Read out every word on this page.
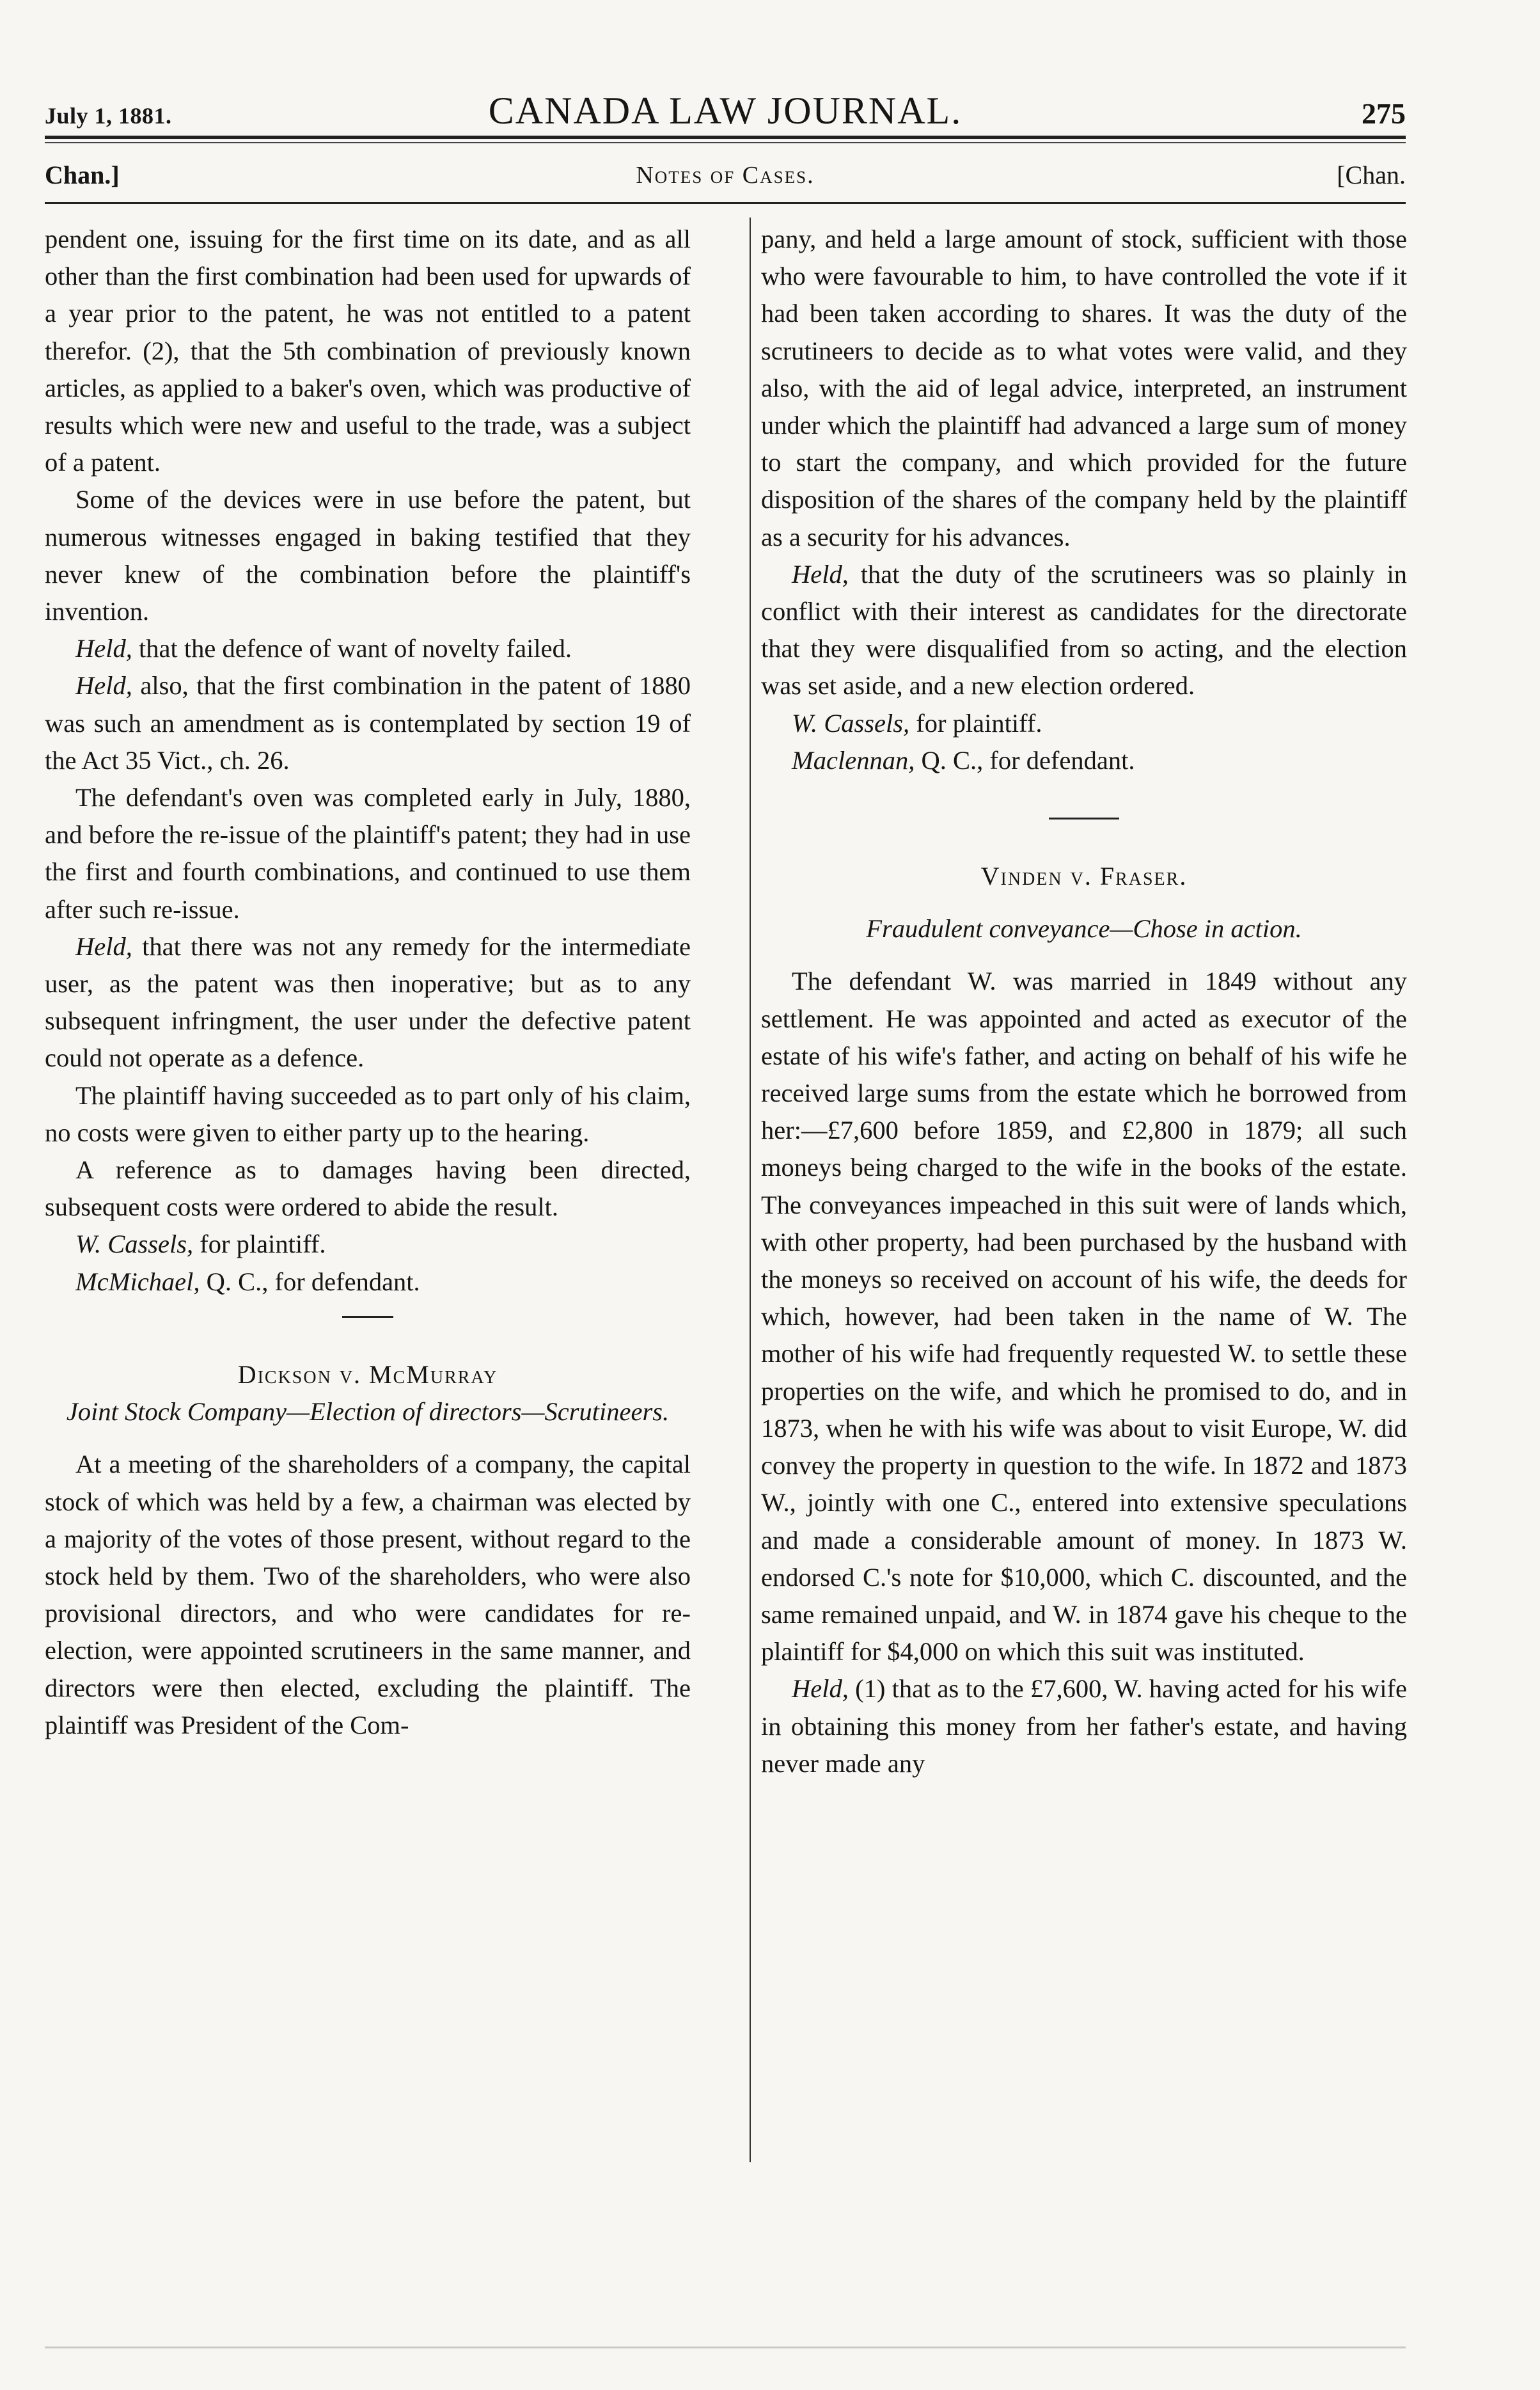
July 1, 1881.	CANADA LAW JOURNAL.	275
Chan.]	Notes of Cases.	[Chan.

pendent one, issuing for the first time on its date, and as all other than the first combination had been used for upwards of a year prior to the patent, he was not entitled to a patent therefor. (2), that the 5th combination of previously known articles, as applied to a baker's oven, which was productive of results which were new and useful to the trade, was a subject of a patent.

Some of the devices were in use before the patent, but numerous witnesses engaged in baking testified that they never knew of the combination before the plaintiff's invention.

Held, that the defence of want of novelty failed.

Held, also, that the first combination in the patent of 1880 was such an amendment as is contemplated by section 19 of the Act 35 Vict., ch. 26.

The defendant's oven was completed early in July, 1880, and before the re-issue of the plaintiff's patent; they had in use the first and fourth combinations, and continued to use them after such re-issue.

Held, that there was not any remedy for the intermediate user, as the patent was then inoperative; but as to any subsequent infringment, the user under the defective patent could not operate as a defence.

The plaintiff having succeeded as to part only of his claim, no costs were given to either party up to the hearing.

A reference as to damages having been directed, subsequent costs were ordered to abide the result.

W. Cassels, for plaintiff.

McMichael, Q. C., for defendant.

Dickson v. McMurray

Joint Stock Company—Election of directors—Scrutineers.

At a meeting of the shareholders of a company, the capital stock of which was held by a few, a chairman was elected by a majority of the votes of those present, without regard to the stock held by them. Two of the shareholders, who were also provisional directors, and who were candidates for re-election, were appointed scrutineers in the same manner, and directors were then elected, excluding the plaintiff. The plaintiff was President of the Com-

pany, and held a large amount of stock, sufficient with those who were favourable to him, to have controlled the vote if it had been taken according to shares. It was the duty of the scrutineers to decide as to what votes were valid, and they also, with the aid of legal advice, interpreted, an instrument under which the plaintiff had advanced a large sum of money to start the company, and which provided for the future disposition of the shares of the company held by the plaintiff as a security for his advances.

Held, that the duty of the scrutineers was so plainly in conflict with their interest as candidates for the directorate that they were disqualified from so acting, and the election was set aside, and a new election ordered.

W. Cassels, for plaintiff.

Maclennan, Q. C., for defendant.

Vinden v. Fraser.

Fraudulent conveyance—Chose in action.

The defendant W. was married in 1849 without any settlement. He was appointed and acted as executor of the estate of his wife's father, and acting on behalf of his wife he received large sums from the estate which he borrowed from her:—£7,600 before 1859, and £2,800 in 1879; all such moneys being charged to the wife in the books of the estate. The conveyances impeached in this suit were of lands which, with other property, had been purchased by the husband with the moneys so received on account of his wife, the deeds for which, however, had been taken in the name of W. The mother of his wife had frequently requested W. to settle these properties on the wife, and which he promised to do, and in 1873, when he with his wife was about to visit Europe, W. did convey the property in question to the wife. In 1872 and 1873 W., jointly with one C., entered into extensive speculations and made a considerable amount of money. In 1873 W. endorsed C.'s note for $10,000, which C. discounted, and the same remained unpaid, and W. in 1874 gave his cheque to the plaintiff for $4,000 on which this suit was instituted.

Held, (1) that as to the £7,600, W. having acted for his wife in obtaining this money from her father's estate, and having never made any
